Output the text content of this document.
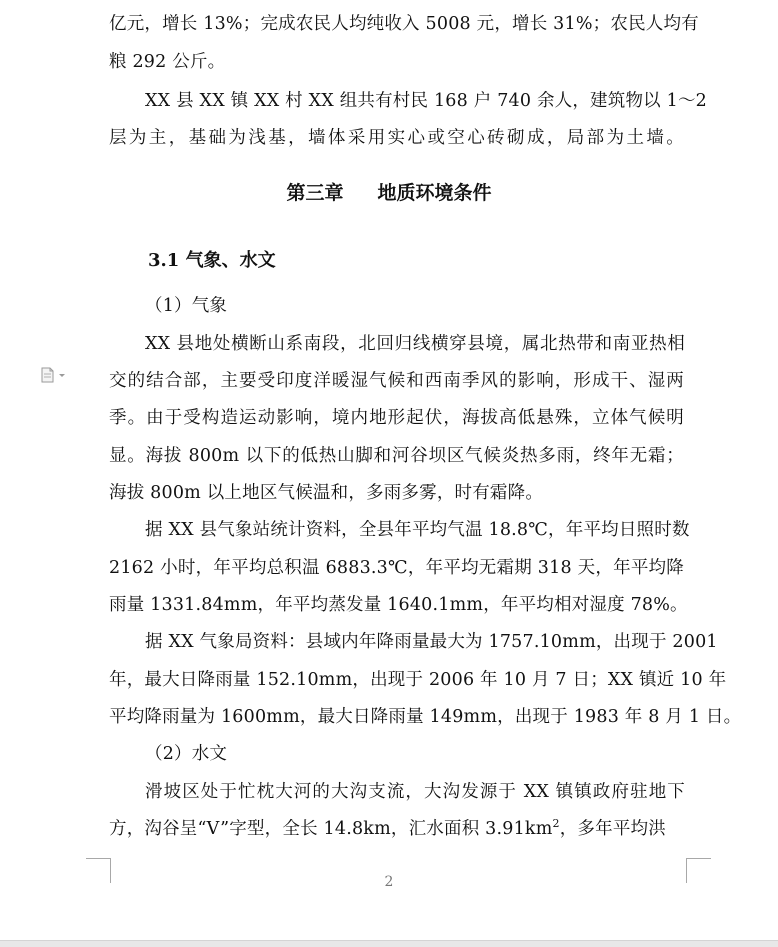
亿元，增长 13%；完成农民人均纯收入 5008 元，增长 31%；农民人均有
粮 292 公斤。
XX 县 XX 镇 XX 村 XX 组共有村民 168 户 740 余人，建筑物以 1～2
层为主，基础为浅基，墙体采用实心或空心砖砌成，局部为土墙。
第三章 地质环境条件
3.1 气象、水文
（1）气象
XX 县地处横断山系南段，北回归线横穿县境，属北热带和南亚热相
交的结合部，主要受印度洋暖湿气候和西南季风的影响，形成干、湿两
季。由于受构造运动影响，境内地形起伏，海拔高低悬殊，立体气候明
显。海拔 800m 以下的低热山脚和河谷坝区气候炎热多雨，终年无霜；
海拔 800m 以上地区气候温和，多雨多雾，时有霜降。
据 XX 县气象站统计资料，全县年平均气温 18.8℃，年平均日照时数
2162 小时，年平均总积温 6883.3℃，年平均无霜期 318 天，年平均降
雨量 1331.84mm，年平均蒸发量 1640.1mm，年平均相对湿度 78%。
据 XX 气象局资料：县域内年降雨量最大为 1757.10mm，出现于 2001
年，最大日降雨量 152.10mm，出现于 2006 年 10 月 7 日；XX 镇近 10 年
平均降雨量为 1600mm，最大日降雨量 149mm，出现于 1983 年 8 月 1 日。
（2）水文
滑坡区处于忙枕大河的大沟支流，大沟发源于 XX 镇镇政府驻地下
方，沟谷呈“V”字型，全长 14.8km，汇水面积 $3.91km^2$，多年平均洪
2
